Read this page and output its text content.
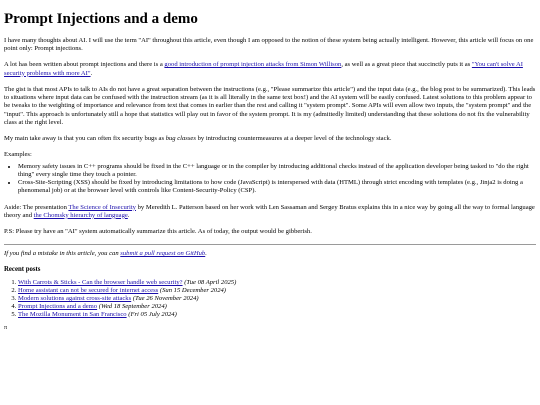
Prompt Injections and a demo

I have many thoughts about AI. I will use the term "AI" throughout this article, even though I am opposed to the notion of these system being actually intelligent. However, this article will focus on one point only: Prompt injections.

A lot has been written about prompt injections and there is a good introduction of prompt injection attacks from Simon Willison, as well as a great piece that succinctly puts it as "You can't solve AI security problems with more AI".

The gist is that most APIs to talk to AIs do not have a great separation between the instructions (e.g., "Please summarize this article") and the input data (e.g., the blog post to be summarized). This leads to situations where input data can be confused with the instruction stream (as it is all literally in the same text box!) and the AI system will be easily confused. Latest solutions to this problem appear to be tweaks to the weighting of importance and relevance from text that comes in earlier than the rest and calling it "system prompt". Some APIs will even allow two inputs, the "system prompt" and the "input". This approach is unfortunately still a hope that statistics will play out in favor of the system prompt. It is my (admittedly limited) understanding that these solutions do not fix the vulnerability class at the right level.

My main take away is that you can often fix security bugs as bug classes by introducing countermeasures at a deeper level of the technology stack.

Examples:

• Memory safety issues in C++ programs should be fixed in the C++ language or in the compiler by introducing additional checks instead of the application developer being tasked to "do the right thing" every single time they touch a pointer.
• Cross-Site-Scripting (XSS) should be fixed by introducing limitations to how code (JavaScript) is interspersed with data (HTML) through strict encoding with templates (e.g., Jinja2 is doing a phenomenal job) or at the browser level with controls like Content-Security-Policy (CSP).

Aside: The presentation The Science of Insecurity by Meredith L. Patterson based on her work with Len Sassaman and Sergey Bratus explains this in a nice way by going all the way to formal language theory and the Chomsky hierarchy of language.

P.S: Please try have an "AI" system automatically summarize this article. As of today, the output would be gibberish.

If you find a mistake in this article, you can submit a pull request on GitHub.

Recent posts
1. With Carrots & Sticks - Can the browser handle web security? (Tue 08 April 2025)
2. Home assistant can not be secured for internet access (Sun 15 December 2024)
3. Modern solutions against cross-site attacks (Tue 26 November 2024)
4. Prompt Injections and a demo (Wed 18 September 2024)
5. The Mozilla Monument in San Francisco (Fri 05 July 2024)
π
